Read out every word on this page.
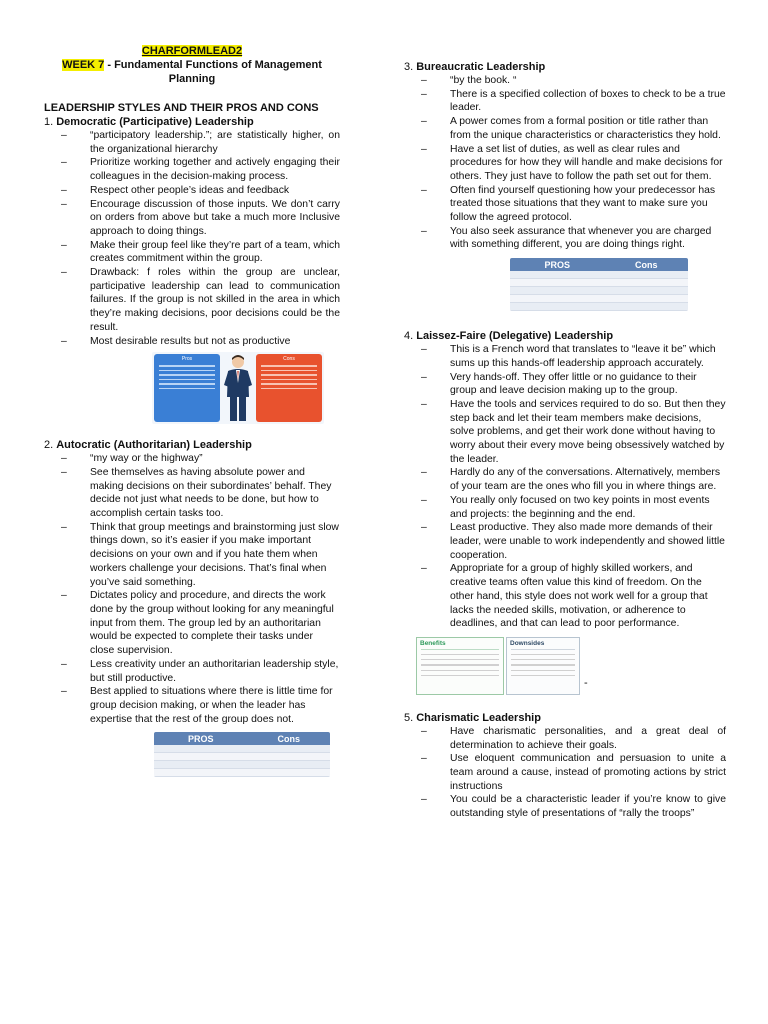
CHARFORMLEAD2
WEEK 7 - Fundamental Functions of Management Planning
LEADERSHIP STYLES AND THEIR PROS AND CONS
1. Democratic (Participative) Leadership
– “participatory leadership.”; are statistically higher, on the organizational hierarchy
– Prioritize working together and actively engaging their colleagues in the decision-making process.
– Respect other people’s ideas and feedback
– Encourage discussion of those inputs. We don’t carry on orders from above but take a much more Inclusive approach to doing things.
– Make their group feel like they’re part of a team, which creates commitment within the group.
– Drawback: f roles within the group are unclear, participative leadership can lead to communication failures. If the group is not skilled in the area in which they’re making decisions, poor decisions could be the result.
– Most desirable results but not as productive
Pros	Cons
2. Autocratic (Authoritarian) Leadership
– “my way or the highway”
– See themselves as having absolute power and making decisions on their subordinates’ behalf. They decide not just what needs to be done, but how to accomplish certain tasks too.
– Think that group meetings and brainstorming just slow things down, so it’s easier if you make important decisions on your own and if you hate them when workers challenge your decisions. That’s final when you’ve said something.
– Dictates policy and procedure, and directs the work done by the group without looking for any meaningful input from them. The group led by an authoritarian would be expected to complete their tasks under close supervision.
– Less creativity under an authoritarian leadership style, but still productive.
– Best applied to situations where there is little time for group decision making, or when the leader has expertise that the rest of the group does not.
PROS	Cons

3. Bureaucratic Leadership
– “by the book. “
– There is a specified collection of boxes to check to be a true leader.
– A power comes from a formal position or title rather than from the unique characteristics or characteristics they hold.
– Have a set list of duties, as well as clear rules and procedures for how they will handle and make decisions for others. They just have to follow the path set out for them.
– Often find yourself questioning how your predecessor has treated those situations that they want to make sure you follow the agreed protocol.
– You also seek assurance that whenever you are charged with something different, you are doing things right.
PROS	Cons

4. Laissez-Faire (Delegative) Leadership
– This is a French word that translates to “leave it be” which sums up this hands-off leadership approach accurately.
– Very hands-off. They offer little or no guidance to their group and leave decision making up to the group.
– Have the tools and services required to do so. But then they step back and let their team members make decisions, solve problems, and get their work done without having to worry about their every move being obsessively watched by the leader.
– Hardly do any of the conversations. Alternatively, members of your team are the ones who fill you in where things are.
– You really only focused on two key points in most events and projects: the beginning and the end.
– Least productive. They also made more demands of their leader, were unable to work independently and showed little cooperation.
– Appropriate for a group of highly skilled workers, and creative teams often value this kind of freedom. On the other hand, this style does not work well for a group that lacks the needed skills, motivation, or adherence to deadlines, and that can lead to poor performance.
Benefits	Downsides
-
5. Charismatic Leadership
– Have charismatic personalities, and a great deal of determination to achieve their goals.
– Use eloquent communication and persuasion to unite a team around a cause, instead of promoting actions by strict instructions
– You could be a characteristic leader if you’re know to give outstanding style of presentations of “rally the troops”
